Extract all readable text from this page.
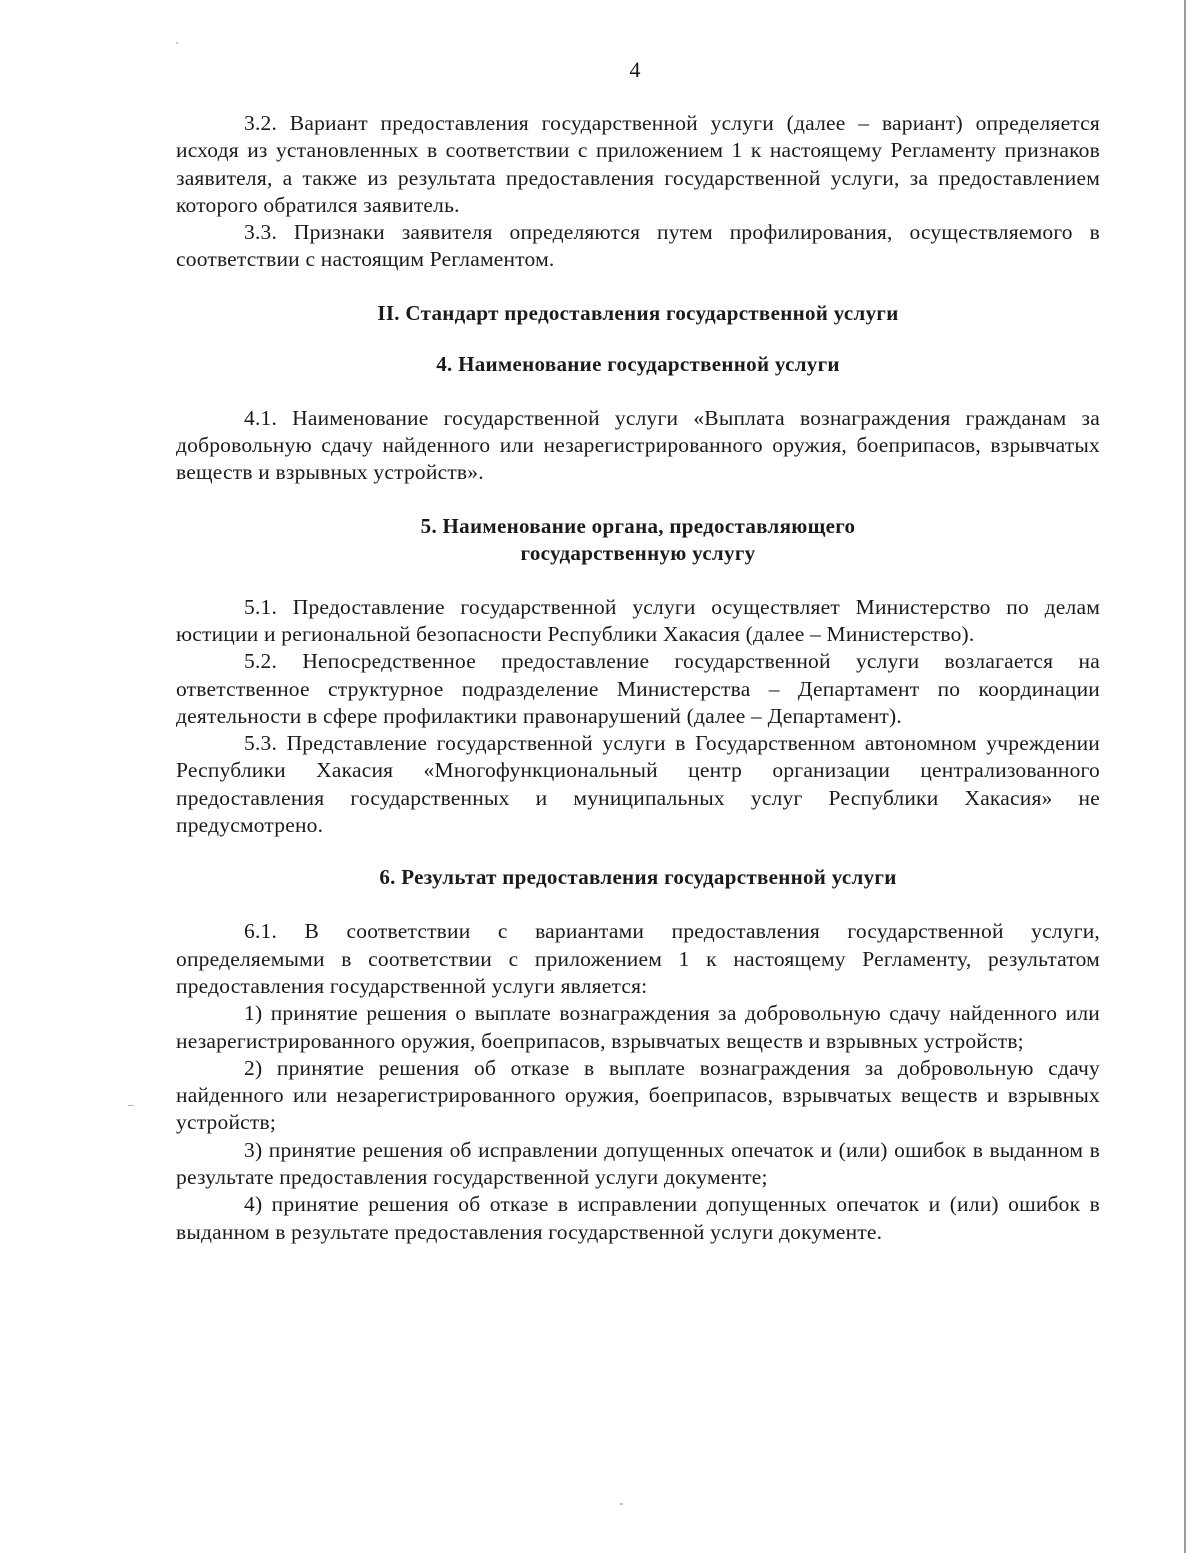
4

3.2. Вариант предоставления государственной услуги (далее – вариант) определяется исходя из установленных в соответствии с приложением 1 к настоящему Регламенту признаков заявителя, а также из результата предоставления государственной услуги, за предоставлением которого обратился заявитель.

3.3. Признаки заявителя определяются путем профилирования, осуществляемого в соответствии с настоящим Регламентом.

II. Стандарт предоставления государственной услуги
4. Наименование государственной услуги

4.1. Наименование государственной услуги «Выплата вознаграждения гражданам за добровольную сдачу найденного или незарегистрированного оружия, боеприпасов, взрывчатых веществ и взрывных устройств».

5. Наименование органа, предоставляющего
государственную услугу

5.1. Предоставление государственной услуги осуществляет Министерство по делам юстиции и региональной безопасности Республики Хакасия (далее – Министерство).

5.2. Непосредственное предоставление государственной услуги возлагается на ответственное структурное подразделение Министерства – Департамент по координации деятельности в сфере профилактики правонарушений (далее – Департамент).

5.3. Представление государственной услуги в Государственном автономном учреждении Республики Хакасия «Многофункциональный центр организации централизованного предоставления государственных и муниципальных услуг Республики Хакасия» не предусмотрено.

6. Результат предоставления государственной услуги

6.1. В соответствии с вариантами предоставления государственной услуги, определяемыми в соответствии с приложением 1 к настоящему Регламенту, результатом предоставления государственной услуги является:

1) принятие решения о выплате вознаграждения за добровольную сдачу найденного или незарегистрированного оружия, боеприпасов, взрывчатых веществ и взрывных устройств;

2) принятие решения об отказе в выплате вознаграждения за добровольную сдачу найденного или незарегистрированного оружия, боеприпасов, взрывчатых веществ и взрывных устройств;

3) принятие решения об исправлении допущенных опечаток и (или) ошибок в выданном в результате предоставления государственной услуги документе;

4) принятие решения об отказе в исправлении допущенных опечаток и (или) ошибок в выданном в результате предоставления государственной услуги документе.
